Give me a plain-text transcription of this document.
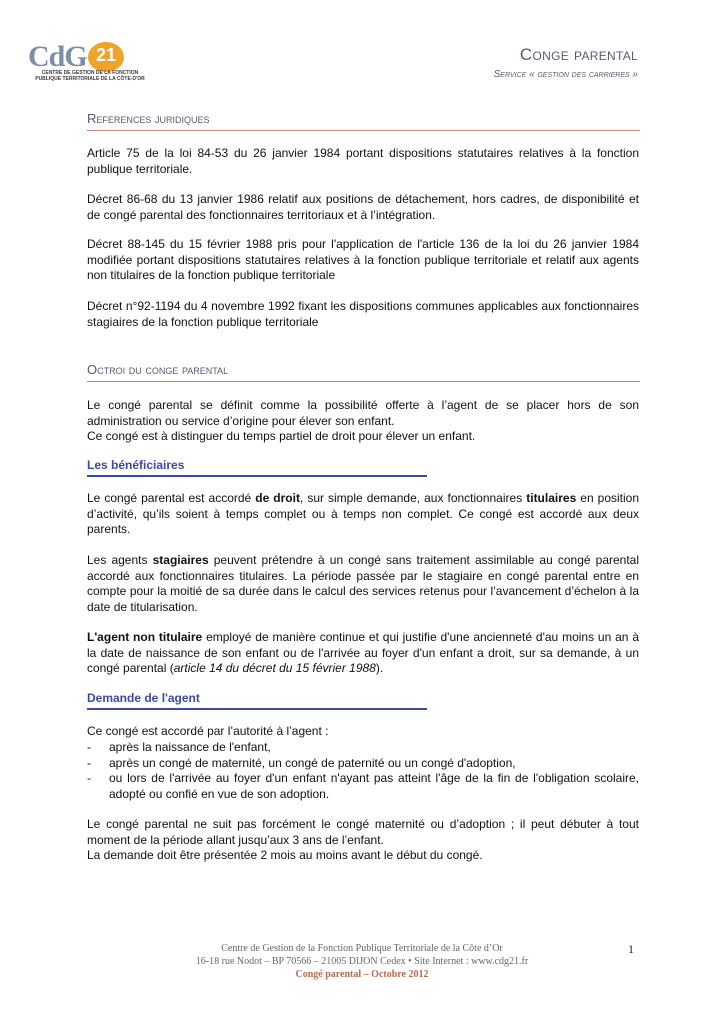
CdG 21
CENTRE DE GESTION DE LA FONCTION PUBLIQUE TERRITORIALE DE LA CÔTE-D'OR
Conge parental
Service « gestion des carrieres »
References juridiques

Article 75 de la loi 84-53 du 26 janvier 1984 portant dispositions statutaires relatives à la fonction publique territoriale.

Décret 86-68 du 13 janvier 1986 relatif aux positions de détachement, hors cadres, de disponibilité et de congé parental des fonctionnaires territoriaux et à l’intégration.

Décret 88-145 du 15 février 1988 pris pour l'application de l'article 136 de la loi du 26 janvier 1984 modifiée portant dispositions statutaires relatives à la fonction publique territoriale et relatif aux agents non titulaires de la fonction publique territoriale

Décret n°92-1194 du 4 novembre 1992 fixant les dispositions communes applicables aux fonctionnaires stagiaires de la fonction publique territoriale

Octroi du conge parental

Le congé parental se définit comme la possibilité offerte à l’agent de se placer hors de son administration ou service d’origine pour élever son enfant.

Ce congé est à distinguer du temps partiel de droit pour élever un enfant.

Les bénéficiaires

Le congé parental est accordé de droit, sur simple demande, aux fonctionnaires titulaires en position d’activité, qu’ils soient à temps complet ou à temps non complet. Ce congé est accordé aux deux parents.

Les agents stagiaires peuvent prétendre à un congé sans traitement assimilable au congé parental accordé aux fonctionnaires titulaires. La période passée par le stagiaire en congé parental entre en compte pour la moitié de sa durée dans le calcul des services retenus pour l’avancement d’échelon à la date de titularisation.

L'agent non titulaire employé de manière continue et qui justifie d'une ancienneté d'au moins un an à la date de naissance de son enfant ou de l'arrivée au foyer d'un enfant a droit, sur sa demande, à un congé parental (article 14 du décret du 15 février 1988).

Demande de l'agent

Ce congé est accordé par l’autorité à l’agent :

- après la naissance de l'enfant,
- après un congé de maternité, un congé de paternité ou un congé d'adoption,
- ou lors de l'arrivée au foyer d'un enfant n'ayant pas atteint l'âge de la fin de l'obligation scolaire, adopté ou confié en vue de son adoption.

Le congé parental ne suit pas forcément le congé maternité ou d’adoption ; il peut débuter à tout moment de la période allant jusqu’aux 3 ans de l’enfant.

La demande doit être présentée 2 mois au moins avant le début du congé.

Centre de Gestion de la Fonction Publique Territoriale de la Côte d’Or
16-18 rue Nodot – BP 70566 – 21005 DIJON Cedex • Site Internet : www.cdg21.fr
Congé parental – Octobre 2012
1
